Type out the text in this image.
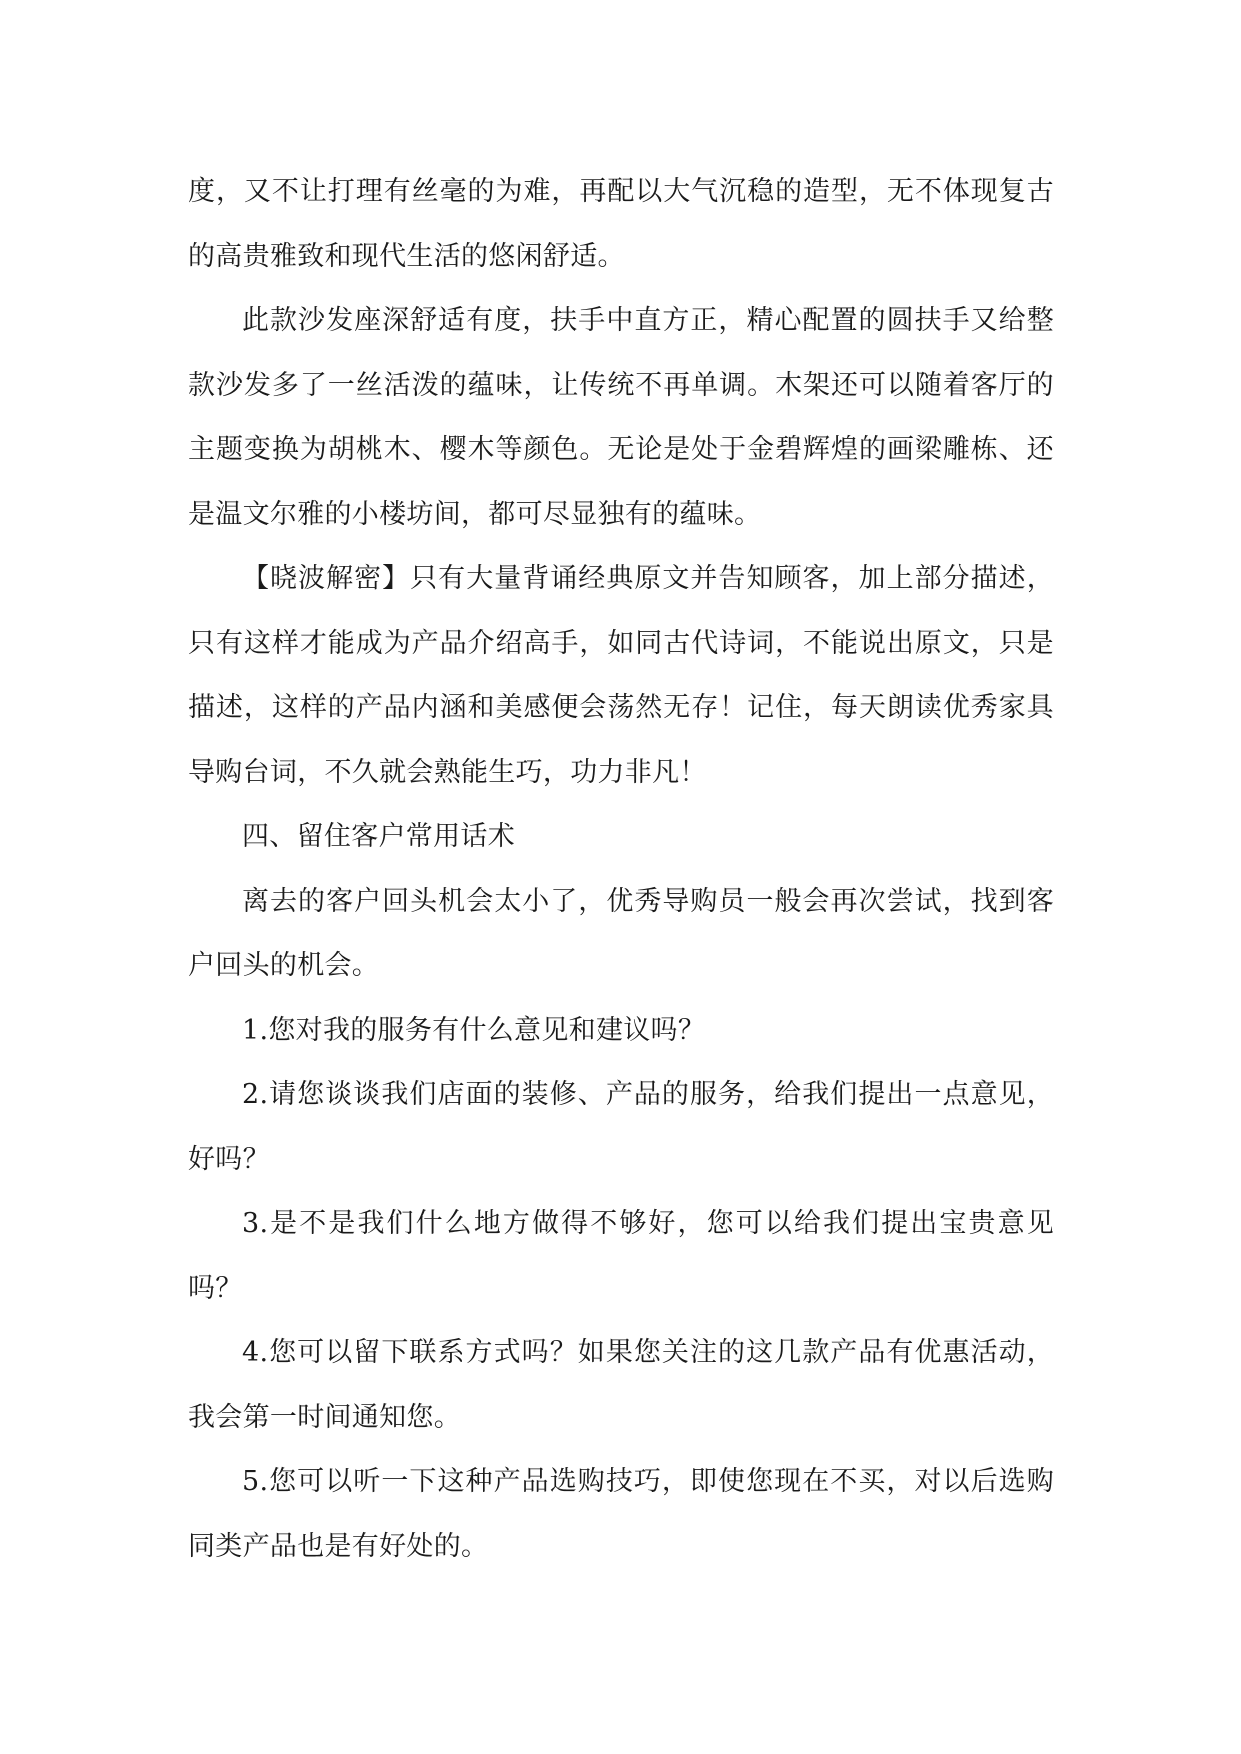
度，又不让打理有丝毫的为难，再配以大气沉稳的造型，无不体现复古的高贵雅致和现代生活的悠闲舒适。

此款沙发座深舒适有度，扶手中直方正，精心配置的圆扶手又给整款沙发多了一丝活泼的蕴味，让传统不再单调。木架还可以随着客厅的主题变换为胡桃木、樱木等颜色。无论是处于金碧辉煌的画梁雕栋、还是温文尔雅的小楼坊间，都可尽显独有的蕴味。

【晓波解密】只有大量背诵经典原文并告知顾客，加上部分描述，只有这样才能成为产品介绍高手，如同古代诗词，不能说出原文，只是描述，这样的产品内涵和美感便会荡然无存！记住，每天朗读优秀家具导购台词，不久就会熟能生巧，功力非凡！

四、留住客户常用话术

离去的客户回头机会太小了，优秀导购员一般会再次尝试，找到客户回头的机会。

1.您对我的服务有什么意见和建议吗？

2.请您谈谈我们店面的装修、产品的服务，给我们提出一点意见，好吗？

3.是不是我们什么地方做得不够好，您可以给我们提出宝贵意见吗？

4.您可以留下联系方式吗？如果您关注的这几款产品有优惠活动，我会第一时间通知您。

5.您可以听一下这种产品选购技巧，即使您现在不买，对以后选购同类产品也是有好处的。
